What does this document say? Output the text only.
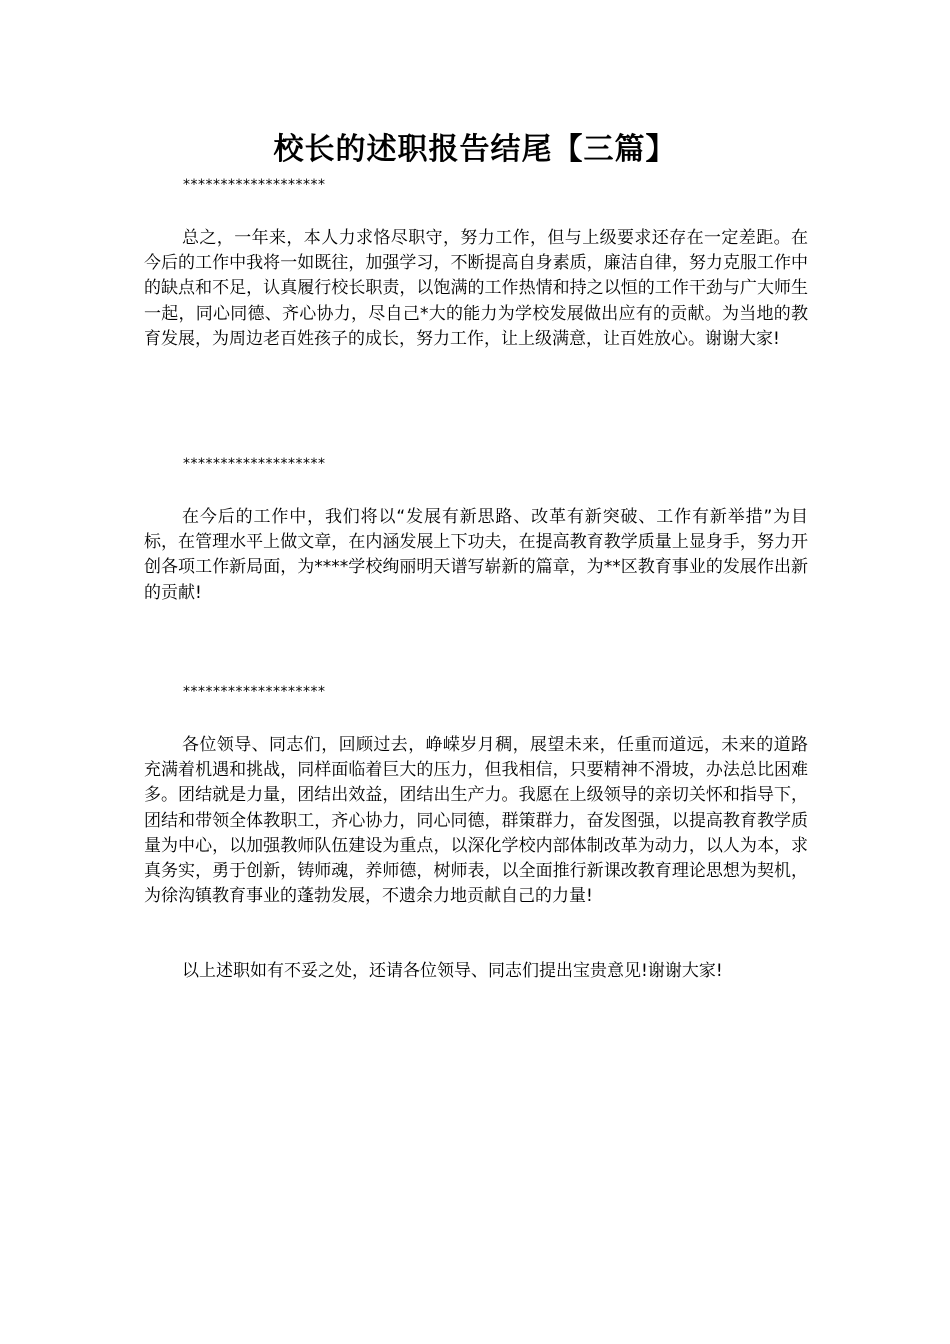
校长的述职报告结尾【三篇】
*******************
总之，一年来，本人力求恪尽职守，努力工作，但与上级要求还存在一定差距。在今后的工作中我将一如既往，加强学习，不断提高自身素质，廉洁自律，努力克服工作中的缺点和不足，认真履行校长职责，以饱满的工作热情和持之以恒的工作干劲与广大师生一起，同心同德、齐心协力，尽自己*大的能力为学校发展做出应有的贡献。为当地的教育发展，为周边老百姓孩子的成长，努力工作，让上级满意，让百姓放心。谢谢大家!
*******************
在今后的工作中，我们将以“发展有新思路、改革有新突破、工作有新举措”为目标，在管理水平上做文章，在内涵发展上下功夫，在提高教育教学质量上显身手，努力开创各项工作新局面，为****学校绚丽明天谱写崭新的篇章，为**区教育事业的发展作出新的贡献!
*******************
各位领导、同志们，回顾过去，峥嵘岁月稠，展望未来，任重而道远，未来的道路充满着机遇和挑战，同样面临着巨大的压力，但我相信，只要精神不滑坡，办法总比困难多。团结就是力量，团结出效益，团结出生产力。我愿在上级领导的亲切关怀和指导下，团结和带领全体教职工，齐心协力，同心同德，群策群力，奋发图强，以提高教育教学质量为中心，以加强教师队伍建设为重点，以深化学校内部体制改革为动力，以人为本，求真务实，勇于创新，铸师魂，养师德，树师表，以全面推行新课改教育理论思想为契机，为徐沟镇教育事业的蓬勃发展，不遗余力地贡献自己的力量!
以上述职如有不妥之处，还请各位领导、同志们提出宝贵意见!谢谢大家!
